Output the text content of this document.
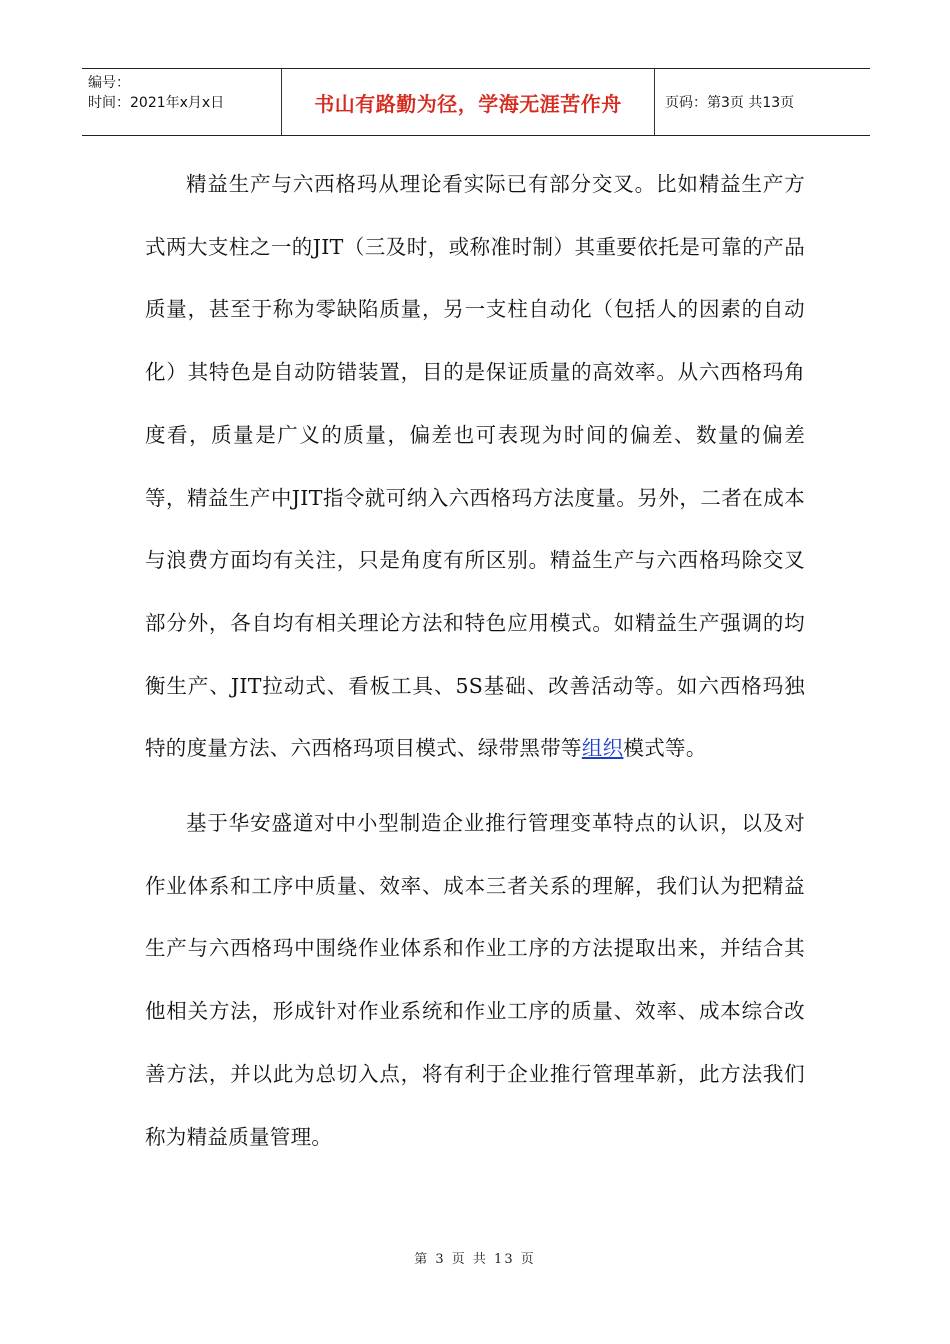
编号：
时间：2021年x月x日	书山有路勤为径，学海无涯苦作舟	页码：第3页 共13页

精益生产与六西格玛从理论看实际已有部分交叉。比如精益生产方式两大支柱之一的JIT（三及时，或称准时制）其重要依托是可靠的产品质量，甚至于称为零缺陷质量，另一支柱自动化（包括人的因素的自动化）其特色是自动防错装置，目的是保证质量的高效率。从六西格玛角度看，质量是广义的质量，偏差也可表现为时间的偏差、数量的偏差等，精益生产中JIT指令就可纳入六西格玛方法度量。另外，二者在成本与浪费方面均有关注，只是角度有所区别。精益生产与六西格玛除交叉部分外，各自均有相关理论方法和特色应用模式。如精益生产强调的均衡生产、JIT拉动式、看板工具、5S基础、改善活动等。如六西格玛独特的度量方法、六西格玛项目模式、绿带黑带等组织模式等。

基于华安盛道对中小型制造企业推行管理变革特点的认识，以及对作业体系和工序中质量、效率、成本三者关系的理解，我们认为把精益生产与六西格玛中围绕作业体系和作业工序的方法提取出来，并结合其他相关方法，形成针对作业系统和作业工序的质量、效率、成本综合改善方法，并以此为总切入点，将有利于企业推行管理革新，此方法我们称为精益质量管理。

第 3 页 共 13 页
